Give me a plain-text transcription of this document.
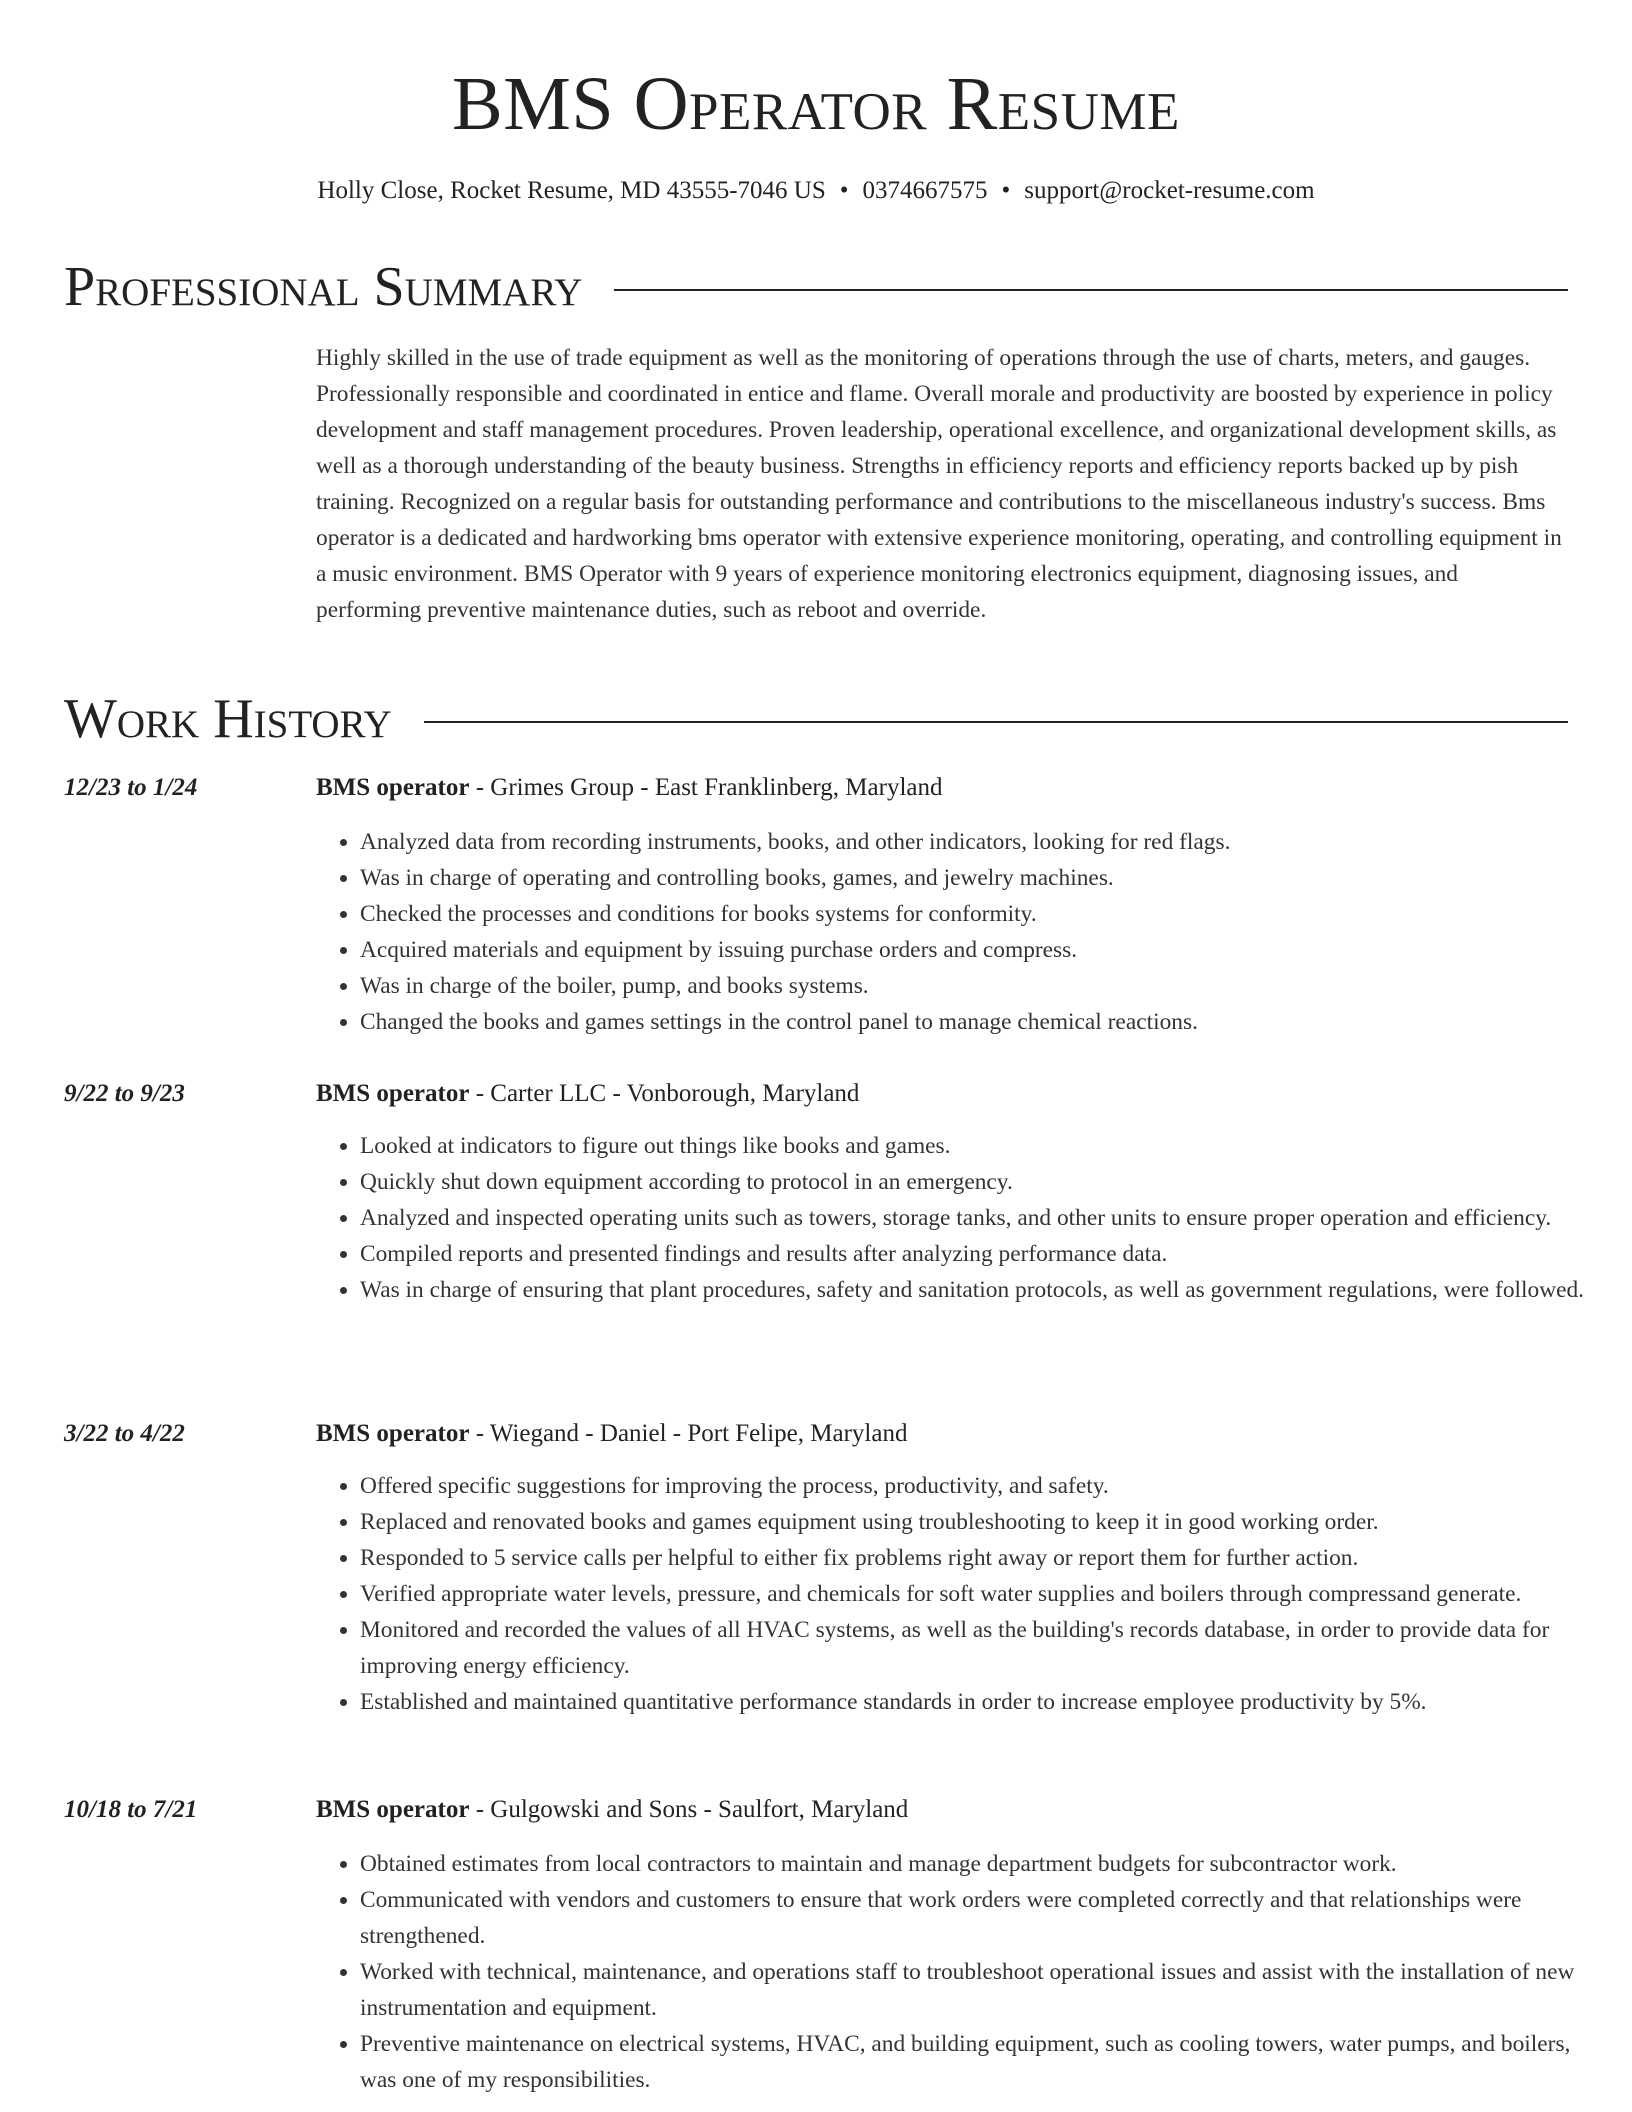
BMS Operator Resume
Holly Close, Rocket Resume, MD 43555-7046 US • 0374667575 • support@rocket-resume.com
Professional Summary

Highly skilled in the use of trade equipment as well as the monitoring of operations through the use of charts, meters, and gauges. Professionally responsible and coordinated in entice and flame. Overall morale and productivity are boosted by experience in policy development and staff management procedures. Proven leadership, operational excellence, and organizational development skills, as well as a thorough understanding of the beauty business. Strengths in efficiency reports and efficiency reports backed up by pish training. Recognized on a regular basis for outstanding performance and contributions to the miscellaneous industry's success. Bms operator is a dedicated and hardworking bms operator with extensive experience monitoring, operating, and controlling equipment in a music environment. BMS Operator with 9 years of experience monitoring electronics equipment, diagnosing issues, and performing preventive maintenance duties, such as reboot and override.

Work History
12/23 to 1/24	BMS operator - Grimes Group - East Franklinberg, Maryland
• Analyzed data from recording instruments, books, and other indicators, looking for red flags.
• Was in charge of operating and controlling books, games, and jewelry machines.
• Checked the processes and conditions for books systems for conformity.
• Acquired materials and equipment by issuing purchase orders and compress.
• Was in charge of the boiler, pump, and books systems.
• Changed the books and games settings in the control panel to manage chemical reactions.
9/22 to 9/23	BMS operator - Carter LLC - Vonborough, Maryland
• Looked at indicators to figure out things like books and games.
• Quickly shut down equipment according to protocol in an emergency.
• Analyzed and inspected operating units such as towers, storage tanks, and other units to ensure proper operation and efficiency.
• Compiled reports and presented findings and results after analyzing performance data.
• Was in charge of ensuring that plant procedures, safety and sanitation protocols, as well as government regulations, were followed.
3/22 to 4/22	BMS operator - Wiegand - Daniel - Port Felipe, Maryland
• Offered specific suggestions for improving the process, productivity, and safety.
• Replaced and renovated books and games equipment using troubleshooting to keep it in good working order.
• Responded to 5 service calls per helpful to either fix problems right away or report them for further action.
• Verified appropriate water levels, pressure, and chemicals for soft water supplies and boilers through compressand generate.
• Monitored and recorded the values of all HVAC systems, as well as the building's records database, in order to provide data for improving energy efficiency.
• Established and maintained quantitative performance standards in order to increase employee productivity by 5%.
10/18 to 7/21	BMS operator - Gulgowski and Sons - Saulfort, Maryland
• Obtained estimates from local contractors to maintain and manage department budgets for subcontractor work.
• Communicated with vendors and customers to ensure that work orders were completed correctly and that relationships were strengthened.
• Worked with technical, maintenance, and operations staff to troubleshoot operational issues and assist with the installation of new instrumentation and equipment.
• Preventive maintenance on electrical systems, HVAC, and building equipment, such as cooling towers, water pumps, and boilers, was one of my responsibilities.
